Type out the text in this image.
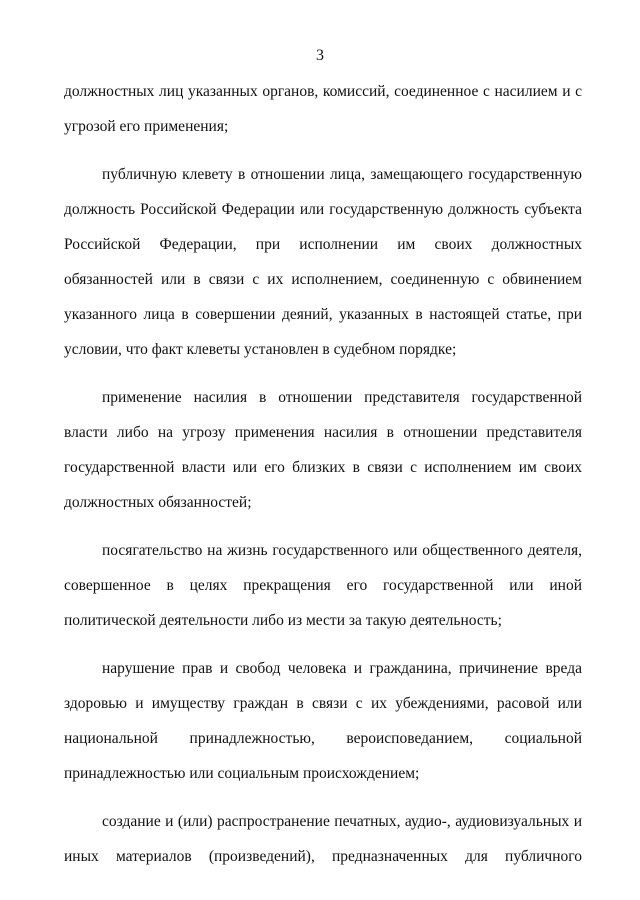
3

должностных лиц указанных органов, комиссий, соединенное с насилием и с угрозой его применения;

публичную клевету в отношении лица, замещающего государственную должность Российской Федерации или государственную должность субъекта Российской Федерации, при исполнении им своих должностных обязанностей или в связи с их исполнением, соединенную с обвинением указанного лица в совершении деяний, указанных в настоящей статье, при условии, что факт клеветы установлен в судебном порядке;

применение насилия в отношении представителя государственной власти либо на угрозу применения насилия в отношении представителя государственной власти или его близких в связи с исполнением им своих должностных обязанностей;

посягательство на жизнь государственного или общественного деятеля, совершенное в целях прекращения его государственной или иной политической деятельности либо из мести за такую деятельность;

нарушение прав и свобод человека и гражданина, причинение вреда здоровью и имуществу граждан в связи с их убеждениями, расовой или национальной принадлежностью, вероисповеданием, социальной принадлежностью или социальным происхождением;

создание и (или) распространение печатных, аудио-, аудиовизуальных и иных материалов (произведений), предназначенных для публичного
